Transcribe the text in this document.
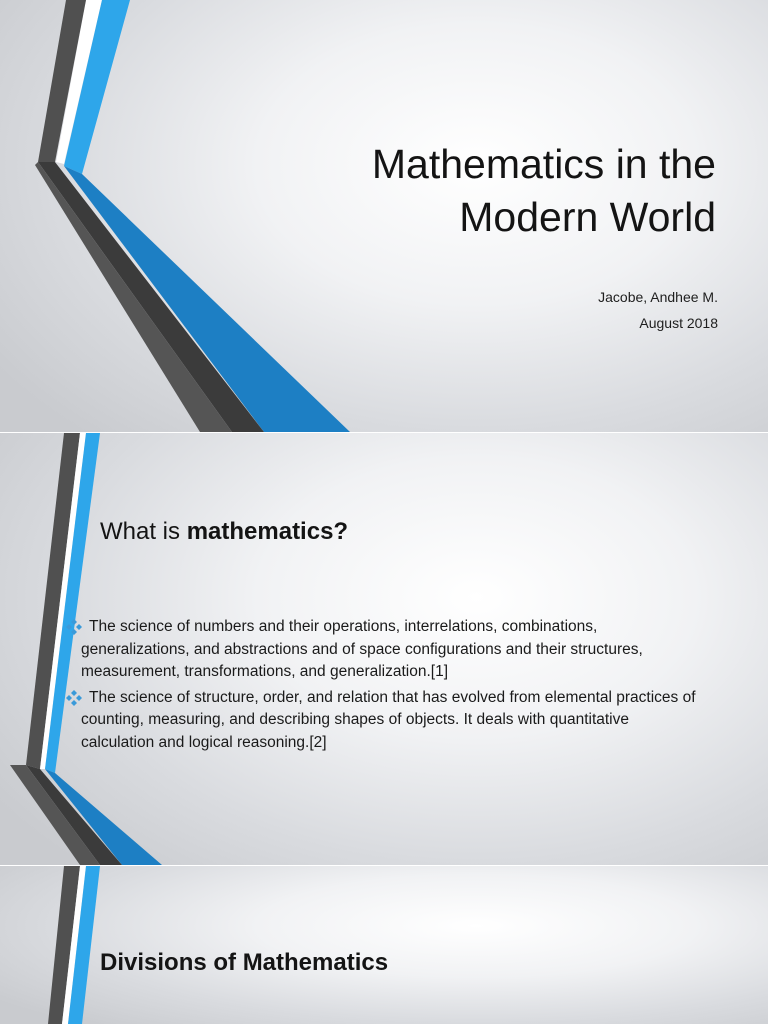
Mathematics in the
Modern World
Jacobe, Andhee M.
August 2018
What is mathematics?
The science of numbers and their operations, interrelations, combinations, generalizations, and abstractions and of space configurations and their structures, measurement, transformations, and generalization.[1]
The science of structure, order, and relation that has evolved from elemental practices of counting, measuring, and describing shapes of objects. It deals with quantitative calculation and logical reasoning.[2]
Divisions of Mathematics
